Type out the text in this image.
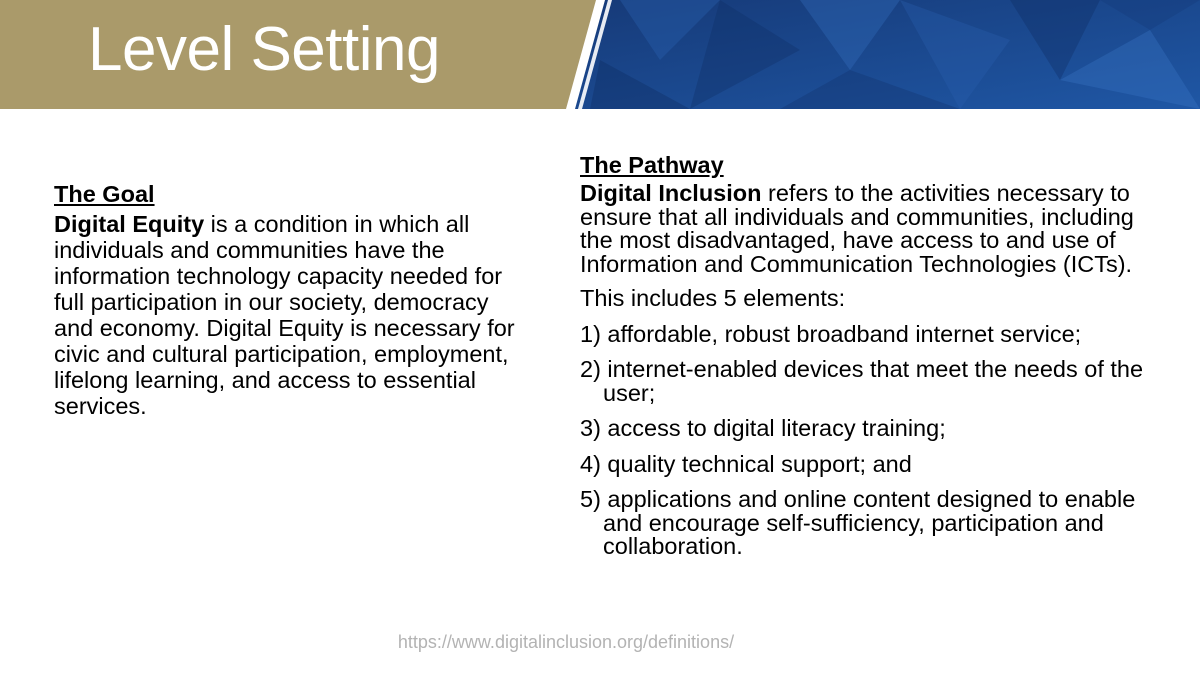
Level Setting
The Goal

Digital Equity is a condition in which all individuals and communities have the information technology capacity needed for full participation in our society, democracy and economy. Digital Equity is necessary for civic and cultural participation, employment, lifelong learning, and access to essential services.

The Pathway

Digital Inclusion refers to the activities necessary to ensure that all individuals and communities, including the most disadvantaged, have access to and use of Information and Communication Technologies (ICTs).

This includes 5 elements:

1) affordable, robust broadband internet service;
2) internet-enabled devices that meet the needs of the user;
3) access to digital literacy training;
4) quality technical support; and
5) applications and online content designed to enable and encourage self-sufficiency, participation and collaboration.
https://www.digitalinclusion.org/definitions/
